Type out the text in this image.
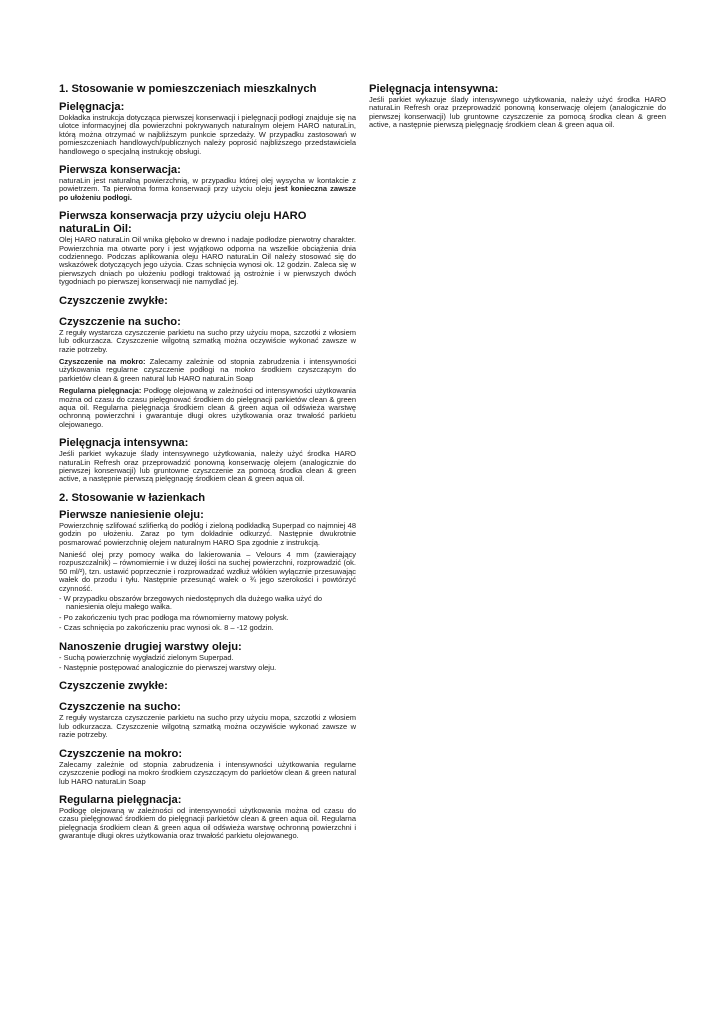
1. Stosowanie w pomieszczeniach mieszkalnych
Pielęgnacja:

Dokładka instrukcja dotycząca pierwszej konserwacji i pielęgnacji podłogi znajduje się na ulotce informacyjnej dla powierzchni pokrywanych naturalnym olejem HARO naturaLin, którą można otrzymać w najbliższym punkcie sprzedaży. W przypadku zastosowań w pomieszczeniach handlowych/publicznych należy poprosić najbliższego przedstawiciela handlowego o specjalną instrukcję obsługi.

Pierwsza konserwacja:

naturaLin jest naturalną powierzchnią, w przypadku której olej wysycha w kontakcie z powietrzem. Ta pierwotna forma konserwacji przy użyciu oleju jest konieczna zawsze po ułożeniu podłogi.

Pierwsza konserwacja przy użyciu oleju HARO
naturaLin Oil:

Olej HARO naturaLin Oil wnika głęboko w drewno i nadaje podłodze pierwotny charakter. Powierzchnia ma otwarte pory i jest wyjątkowo odporna na wszelkie obciążenia dnia codziennego. Podczas aplikowania oleju HARO naturaLin Oil należy stosować się do wskazówek dotyczących jego użycia. Czas schnięcia wynosi ok. 12 godzin. Zaleca się w pierwszych dniach po ułożeniu podłogi traktować ją ostrożnie i w pierwszych dwóch tygodniach po pierwszej konserwacji nie namydlać jej.

Czyszczenie zwykłe:
Czyszczenie na sucho:

Z reguły wystarcza czyszczenie parkietu na sucho przy użyciu mopa, szczotki z włosiem lub odkurzacza. Czyszczenie wilgotną szmatką można oczywiście wykonać zawsze w razie potrzeby.

Czyszczenie na mokro: Zalecamy zależnie od stopnia zabrudzenia i intensywności użytkowania regularne czyszczenie podłogi na mokro środkiem czyszczącym do parkietów clean & green natural lub HARO naturaLin Soap

Regularna pielęgnacja: Podłogę olejowaną w zależności od intensywności użytkowania można od czasu do czasu pielęgnować środkiem do pielęgnacji parkietów clean & green aqua oil. Regularna pielęgnacja środkiem clean & green aqua oil odświeża warstwę ochronną powierzchni i gwarantuje długi okres użytkowania oraz trwałość parkietu olejowanego.

Pielęgnacja intensywna:

Jeśli parkiet wykazuje ślady intensywnego użytkowania, należy użyć środka HARO naturaLin Refresh oraz przeprowadzić ponowną konserwację olejem (analogicznie do pierwszej konserwacji) lub gruntowne czyszczenie za pomocą środka clean & green active, a następnie pierwszą pielęgnację środkiem clean & green aqua oil.

2. Stosowanie w łazienkach
Pierwsze naniesienie oleju:

Powierzchnię szlifować szlifierką do podłóg i zieloną podkładką Superpad co najmniej 48 godzin po ułożeniu. Zaraz po tym dokładnie odkurzyć. Następnie dwukrotnie posmarować powierzchnię olejem naturalnym HARO Spa zgodnie z instrukcją.

Nanieść olej przy pomocy wałka do lakierowania – Velours 4 mm (zawierający rozpuszczalnik) – równomiernie i w dużej ilości na suchej powierzchni, rozprowadzić (ok. 50 ml/²), tzn. ustawić poprzecznie i rozprowadzać wzdłuż włókien wyłącznie przesuwając wałek do przodu i tyłu. Następnie przesunąć wałek o ¾ jego szerokości i powtórzyć czynność.

- W przypadku obszarów brzegowych niedostępnych dla dużego wałka użyć do naniesienia oleju małego wałka.

- Po zakończeniu tych prac podłoga ma równomierny matowy połysk.

- Czas schnięcia po zakończeniu prac wynosi ok. 8 – -12 godzin.

Nanoszenie drugiej warstwy oleju:

- Suchą powierzchnię wygładzić zielonym Superpad.

- Następnie postępować analogicznie do pierwszej warstwy oleju.

Czyszczenie zwykłe:
Czyszczenie na sucho:

Z reguły wystarcza czyszczenie parkietu na sucho przy użyciu mopa, szczotki z włosiem lub odkurzacza. Czyszczenie wilgotną szmatką można oczywiście wykonać zawsze w razie potrzeby.

Czyszczenie na mokro:

Zalecamy zależnie od stopnia zabrudzenia i intensywności użytkowania regularne czyszczenie podłogi na mokro środkiem czyszczącym do parkietów clean & green natural lub HARO naturaLin Soap

Regularna pielęgnacja:

Podłogę olejowaną w zależności od intensywności użytkowania można od czasu do czasu pielęgnować środkiem do pielęgnacji parkietów clean & green aqua oil. Regularna pielęgnacja środkiem clean & green aqua oil odświeża warstwę ochronną powierzchni i gwarantuje długi okres użytkowania oraz trwałość parkietu olejowanego.

Pielęgnacja intensywna:

Jeśli parkiet wykazuje ślady intensywnego użytkowania, należy użyć środka HARO naturaLin Refresh oraz przeprowadzić ponowną konserwację olejem (analogicznie do pierwszej konserwacji) lub gruntowne czyszczenie za pomocą środka clean & green active, a następnie pierwszą pielęgnację środkiem clean & green aqua oil.
